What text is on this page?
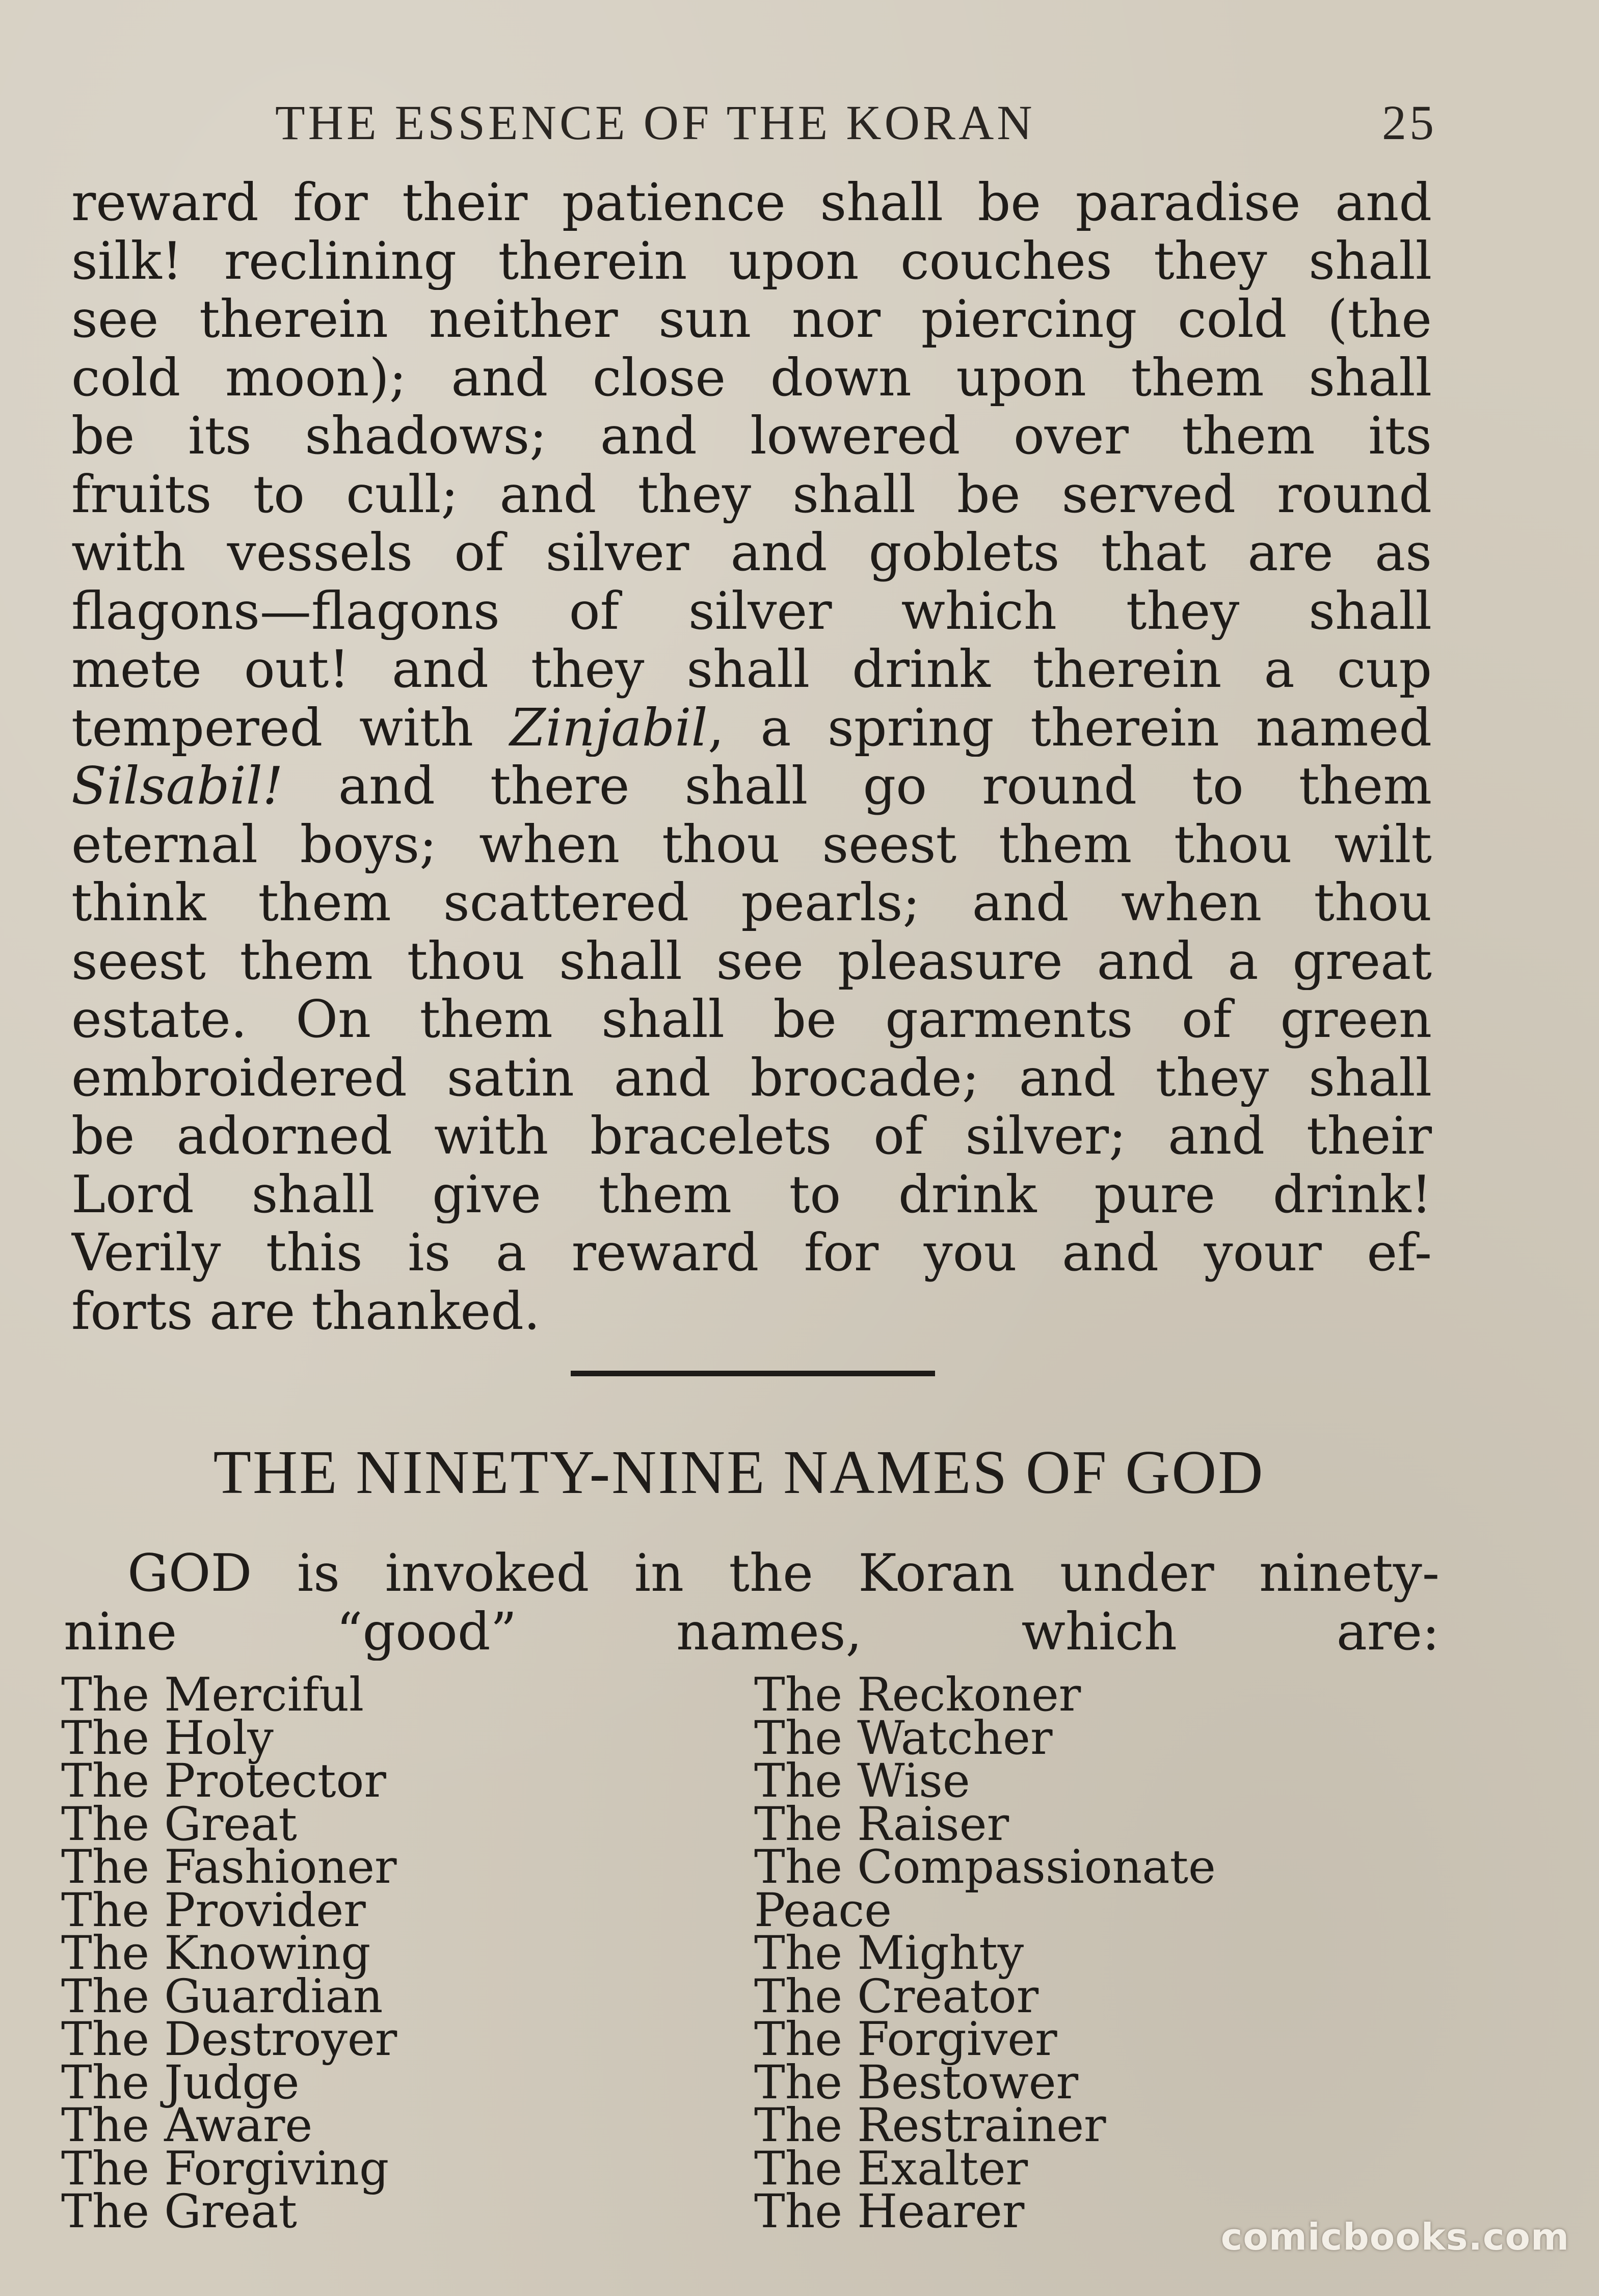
THE ESSENCE OF THE KORAN	25
reward for their patience shall be paradise and
silk! reclining therein upon couches they shall
see therein neither sun nor piercing cold (the
cold moon); and close down upon them shall
be its shadows; and lowered over them its
fruits to cull; and they shall be served round
with vessels of silver and goblets that are as
flagons—flagons of silver which they shall
mete out! and they shall drink therein a cup
tempered with Zinjabil, a spring therein named
Silsabil! and there shall go round to them
eternal boys; when thou seest them thou wilt
think them scattered pearls; and when thou
seest them thou shall see pleasure and a great
estate. On them shall be garments of green
embroidered satin and brocade; and they shall
be adorned with bracelets of silver; and their
Lord shall give them to drink pure drink!
Verily this is a reward for you and your ef-
forts are thanked.
THE NINETY-NINE NAMES OF GOD
GOD is invoked in the Koran under ninety-
nine “good” names, which are:
The Merciful
The Holy
The Protector
The Great
The Fashioner
The Provider
The Knowing
The Guardian
The Destroyer
The Judge
The Aware
The Forgiving
The Great
The Reckoner
The Watcher
The Wise
The Raiser
The Compassionate
Peace
The Mighty
The Creator
The Forgiver
The Bestower
The Restrainer
The Exalter
The Hearer	comicbooks.com
